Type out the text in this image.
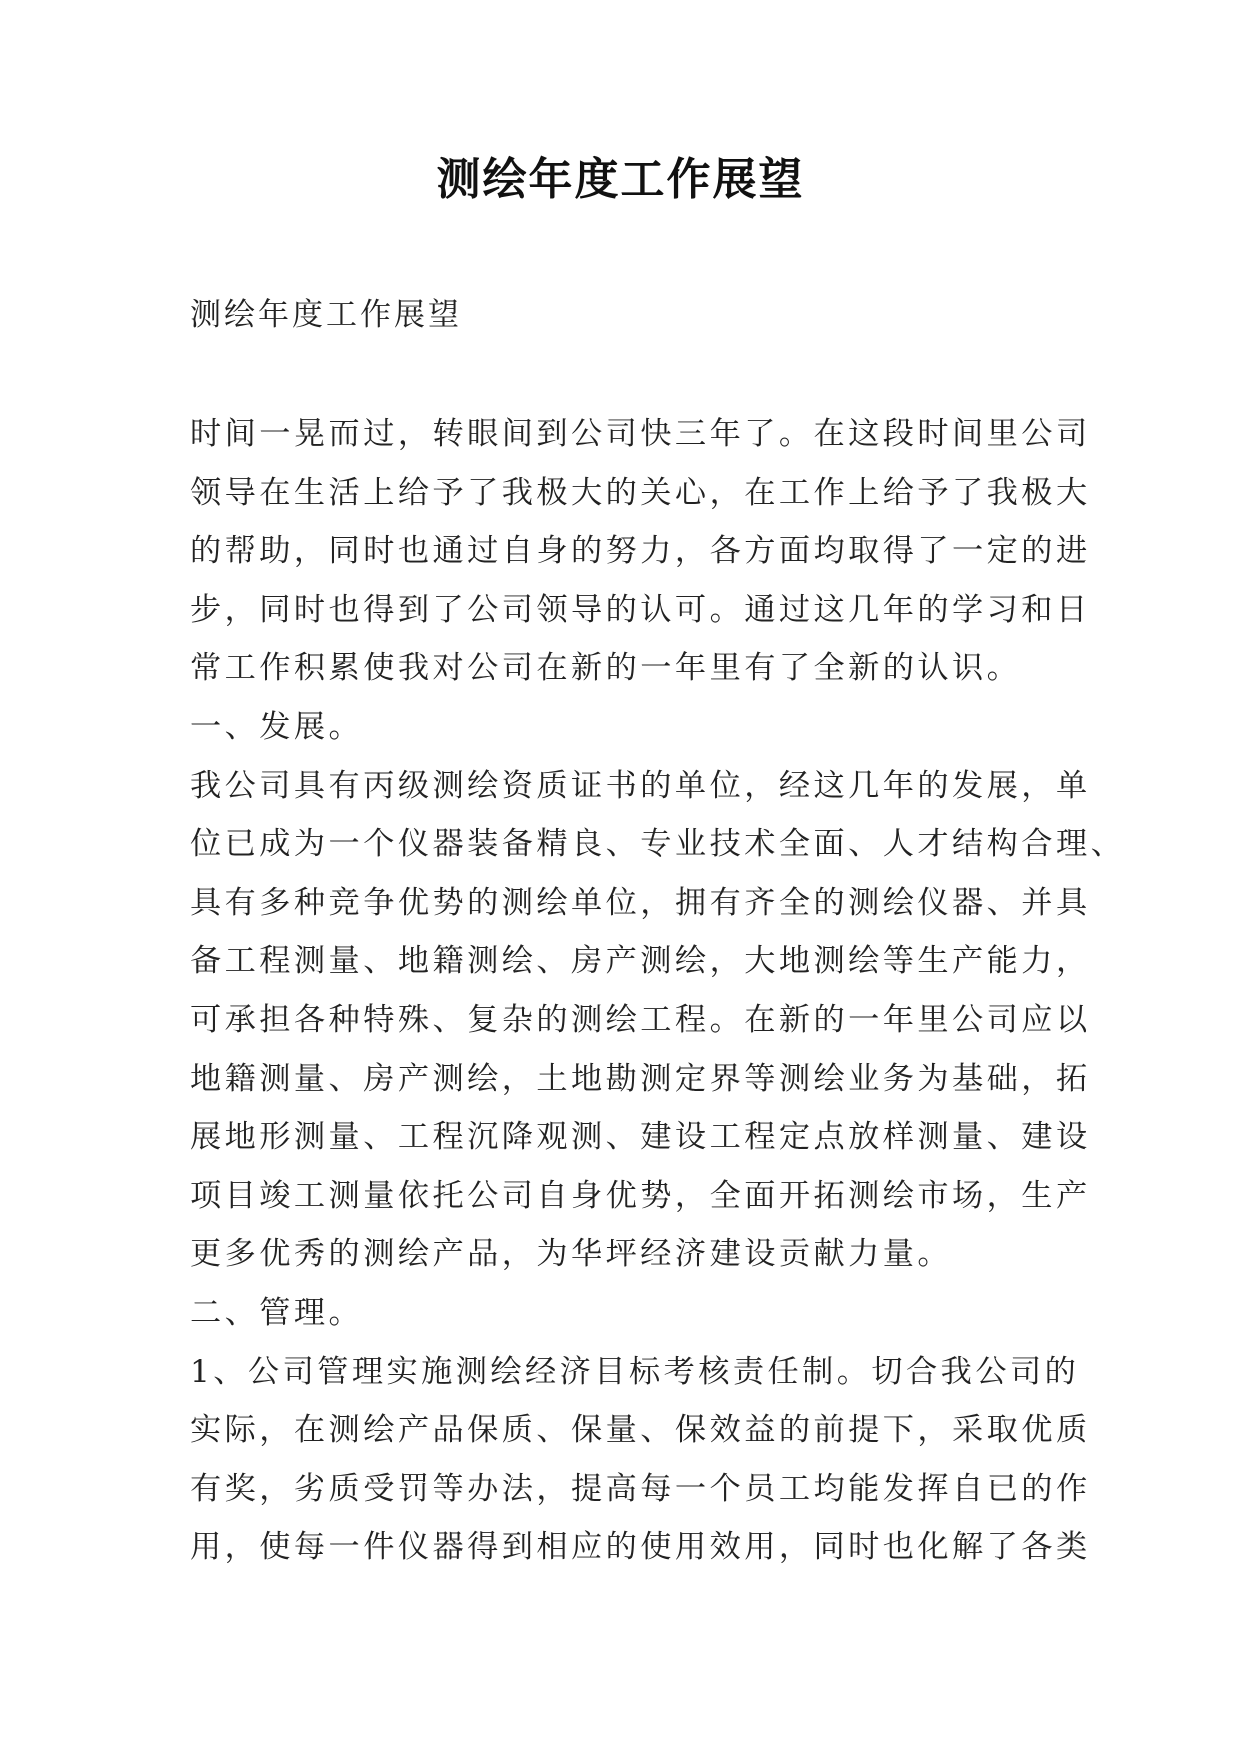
测绘年度工作展望
测绘年度工作展望
时间一晃而过，转眼间到公司快三年了。在这段时间里公司
领导在生活上给予了我极大的关心，在工作上给予了我极大
的帮助，同时也通过自身的努力，各方面均取得了一定的进
步，同时也得到了公司领导的认可。通过这几年的学习和日
常工作积累使我对公司在新的一年里有了全新的认识。
一、发展。
我公司具有丙级测绘资质证书的单位，经这几年的发展，单
位已成为一个仪器装备精良、专业技术全面、人才结构合理、
具有多种竞争优势的测绘单位，拥有齐全的测绘仪器、并具
备工程测量、地籍测绘、房产测绘，大地测绘等生产能力，
可承担各种特殊、复杂的测绘工程。在新的一年里公司应以
地籍测量、房产测绘，土地勘测定界等测绘业务为基础，拓
展地形测量、工程沉降观测、建设工程定点放样测量、建设
项目竣工测量依托公司自身优势，全面开拓测绘市场，生产
更多优秀的测绘产品，为华坪经济建设贡献力量。
二、管理。
1、公司管理实施测绘经济目标考核责任制。切合我公司的
实际，在测绘产品保质、保量、保效益的前提下，采取优质
有奖，劣质受罚等办法，提高每一个员工均能发挥自已的作
用，使每一件仪器得到相应的使用效用，同时也化解了各类
